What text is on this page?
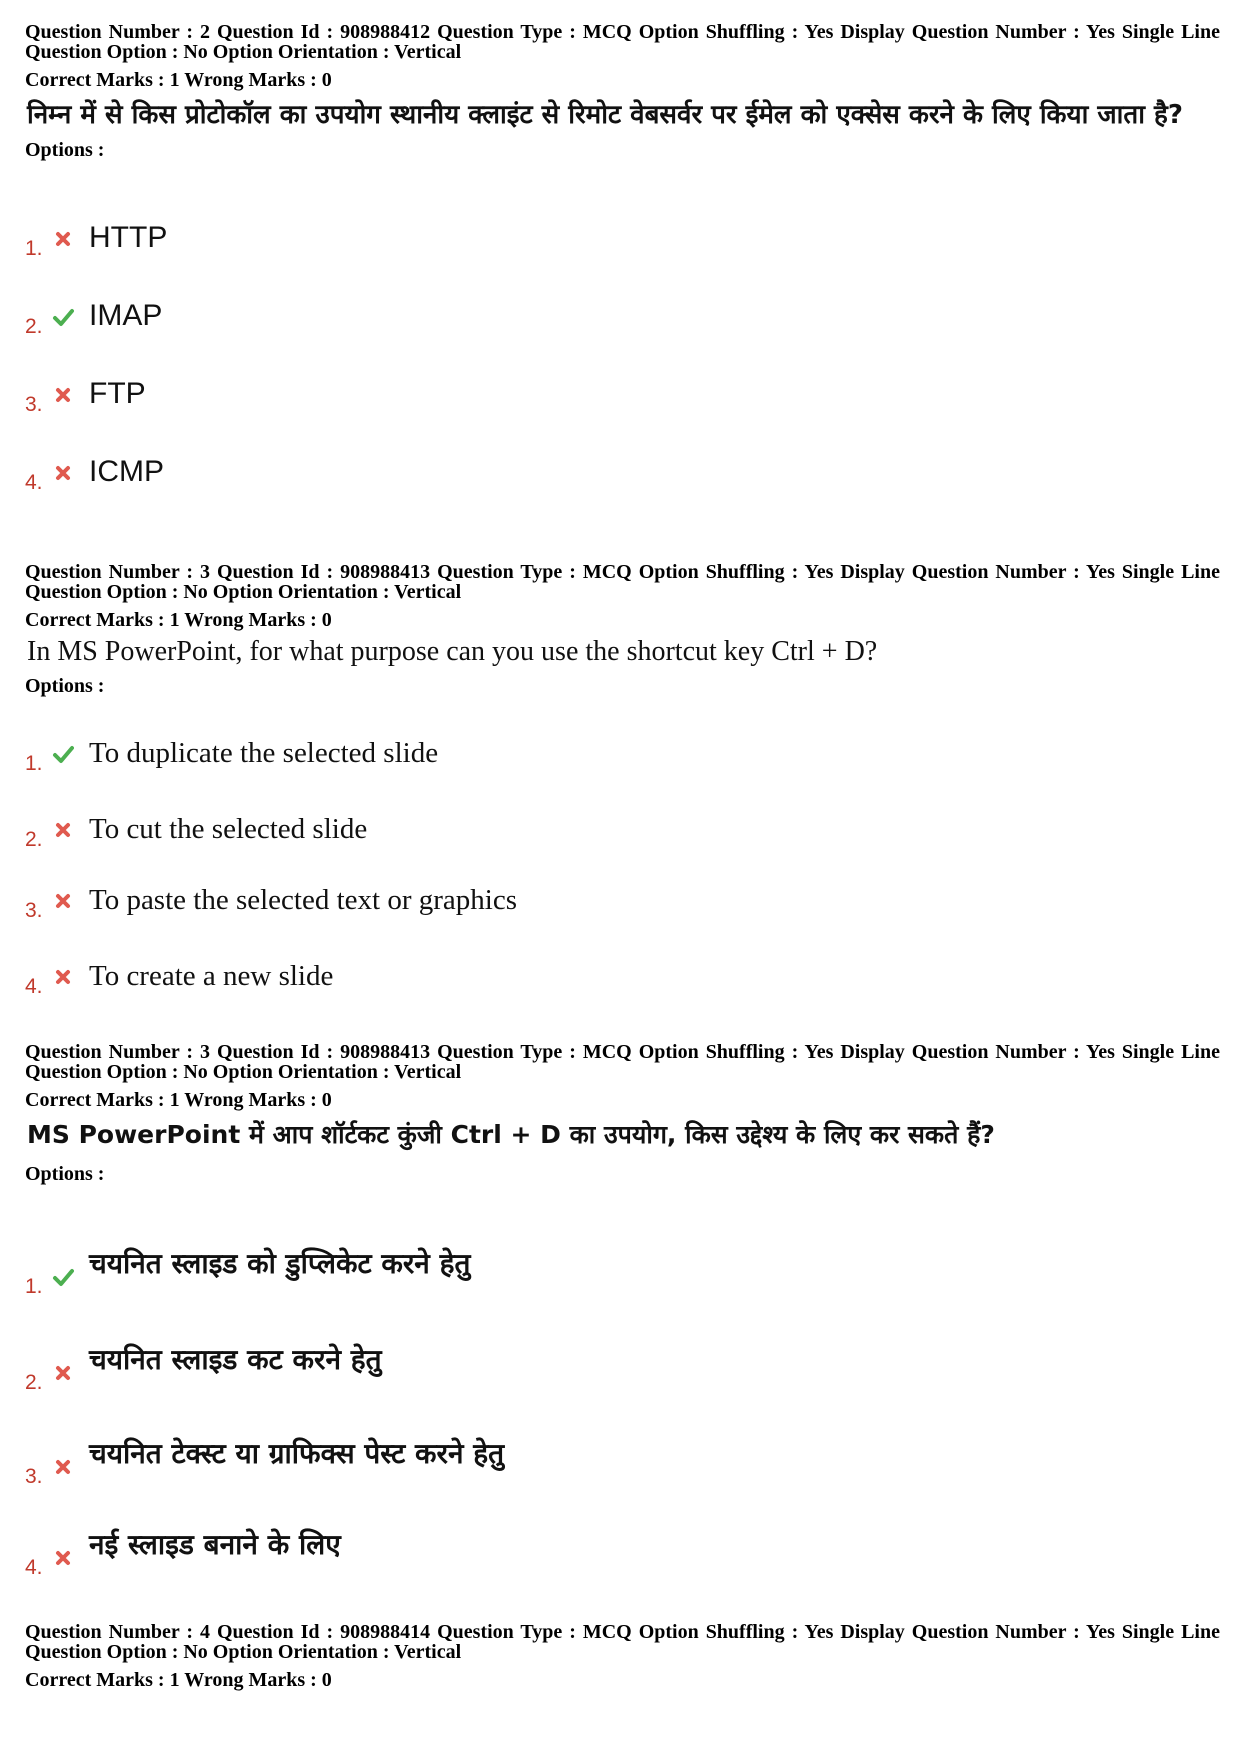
Question Number : 2 Question Id : 908988412 Question Type : MCQ Option Shuffling : Yes Display Question Number : Yes Single Line Question Option : No Option Orientation : Vertical

Correct Marks : 1 Wrong Marks : 0

निम्न में से किस प्रोटोकॉल का उपयोग स्थानीय क्लाइंट से रिमोट वेबसर्वर पर ईमेल को एक्सेस करने के लिए किया जाता है?

Options :

1. HTTP
2. IMAP
3. FTP
4. ICMP

Question Number : 3 Question Id : 908988413 Question Type : MCQ Option Shuffling : Yes Display Question Number : Yes Single Line Question Option : No Option Orientation : Vertical

Correct Marks : 1 Wrong Marks : 0

In MS PowerPoint, for what purpose can you use the shortcut key Ctrl + D?

Options :

1. To duplicate the selected slide
2. To cut the selected slide
3. To paste the selected text or graphics
4. To create a new slide

Question Number : 3 Question Id : 908988413 Question Type : MCQ Option Shuffling : Yes Display Question Number : Yes Single Line Question Option : No Option Orientation : Vertical

Correct Marks : 1 Wrong Marks : 0

MS PowerPoint में आप शॉर्टकट कुंजी Ctrl + D का उपयोग, किस उद्देश्य के लिए कर सकते हैं?

Options :

1.
चयनित स्लाइड को डुप्लिकेट करने हेतु
2.
चयनित स्लाइड कट करने हेतु
3.
चयनित टेक्स्ट या ग्राफिक्स पेस्ट करने हेतु
4.
नई स्लाइड बनाने के लिए

Question Number : 4 Question Id : 908988414 Question Type : MCQ Option Shuffling : Yes Display Question Number : Yes Single Line Question Option : No Option Orientation : Vertical

Correct Marks : 1 Wrong Marks : 0
